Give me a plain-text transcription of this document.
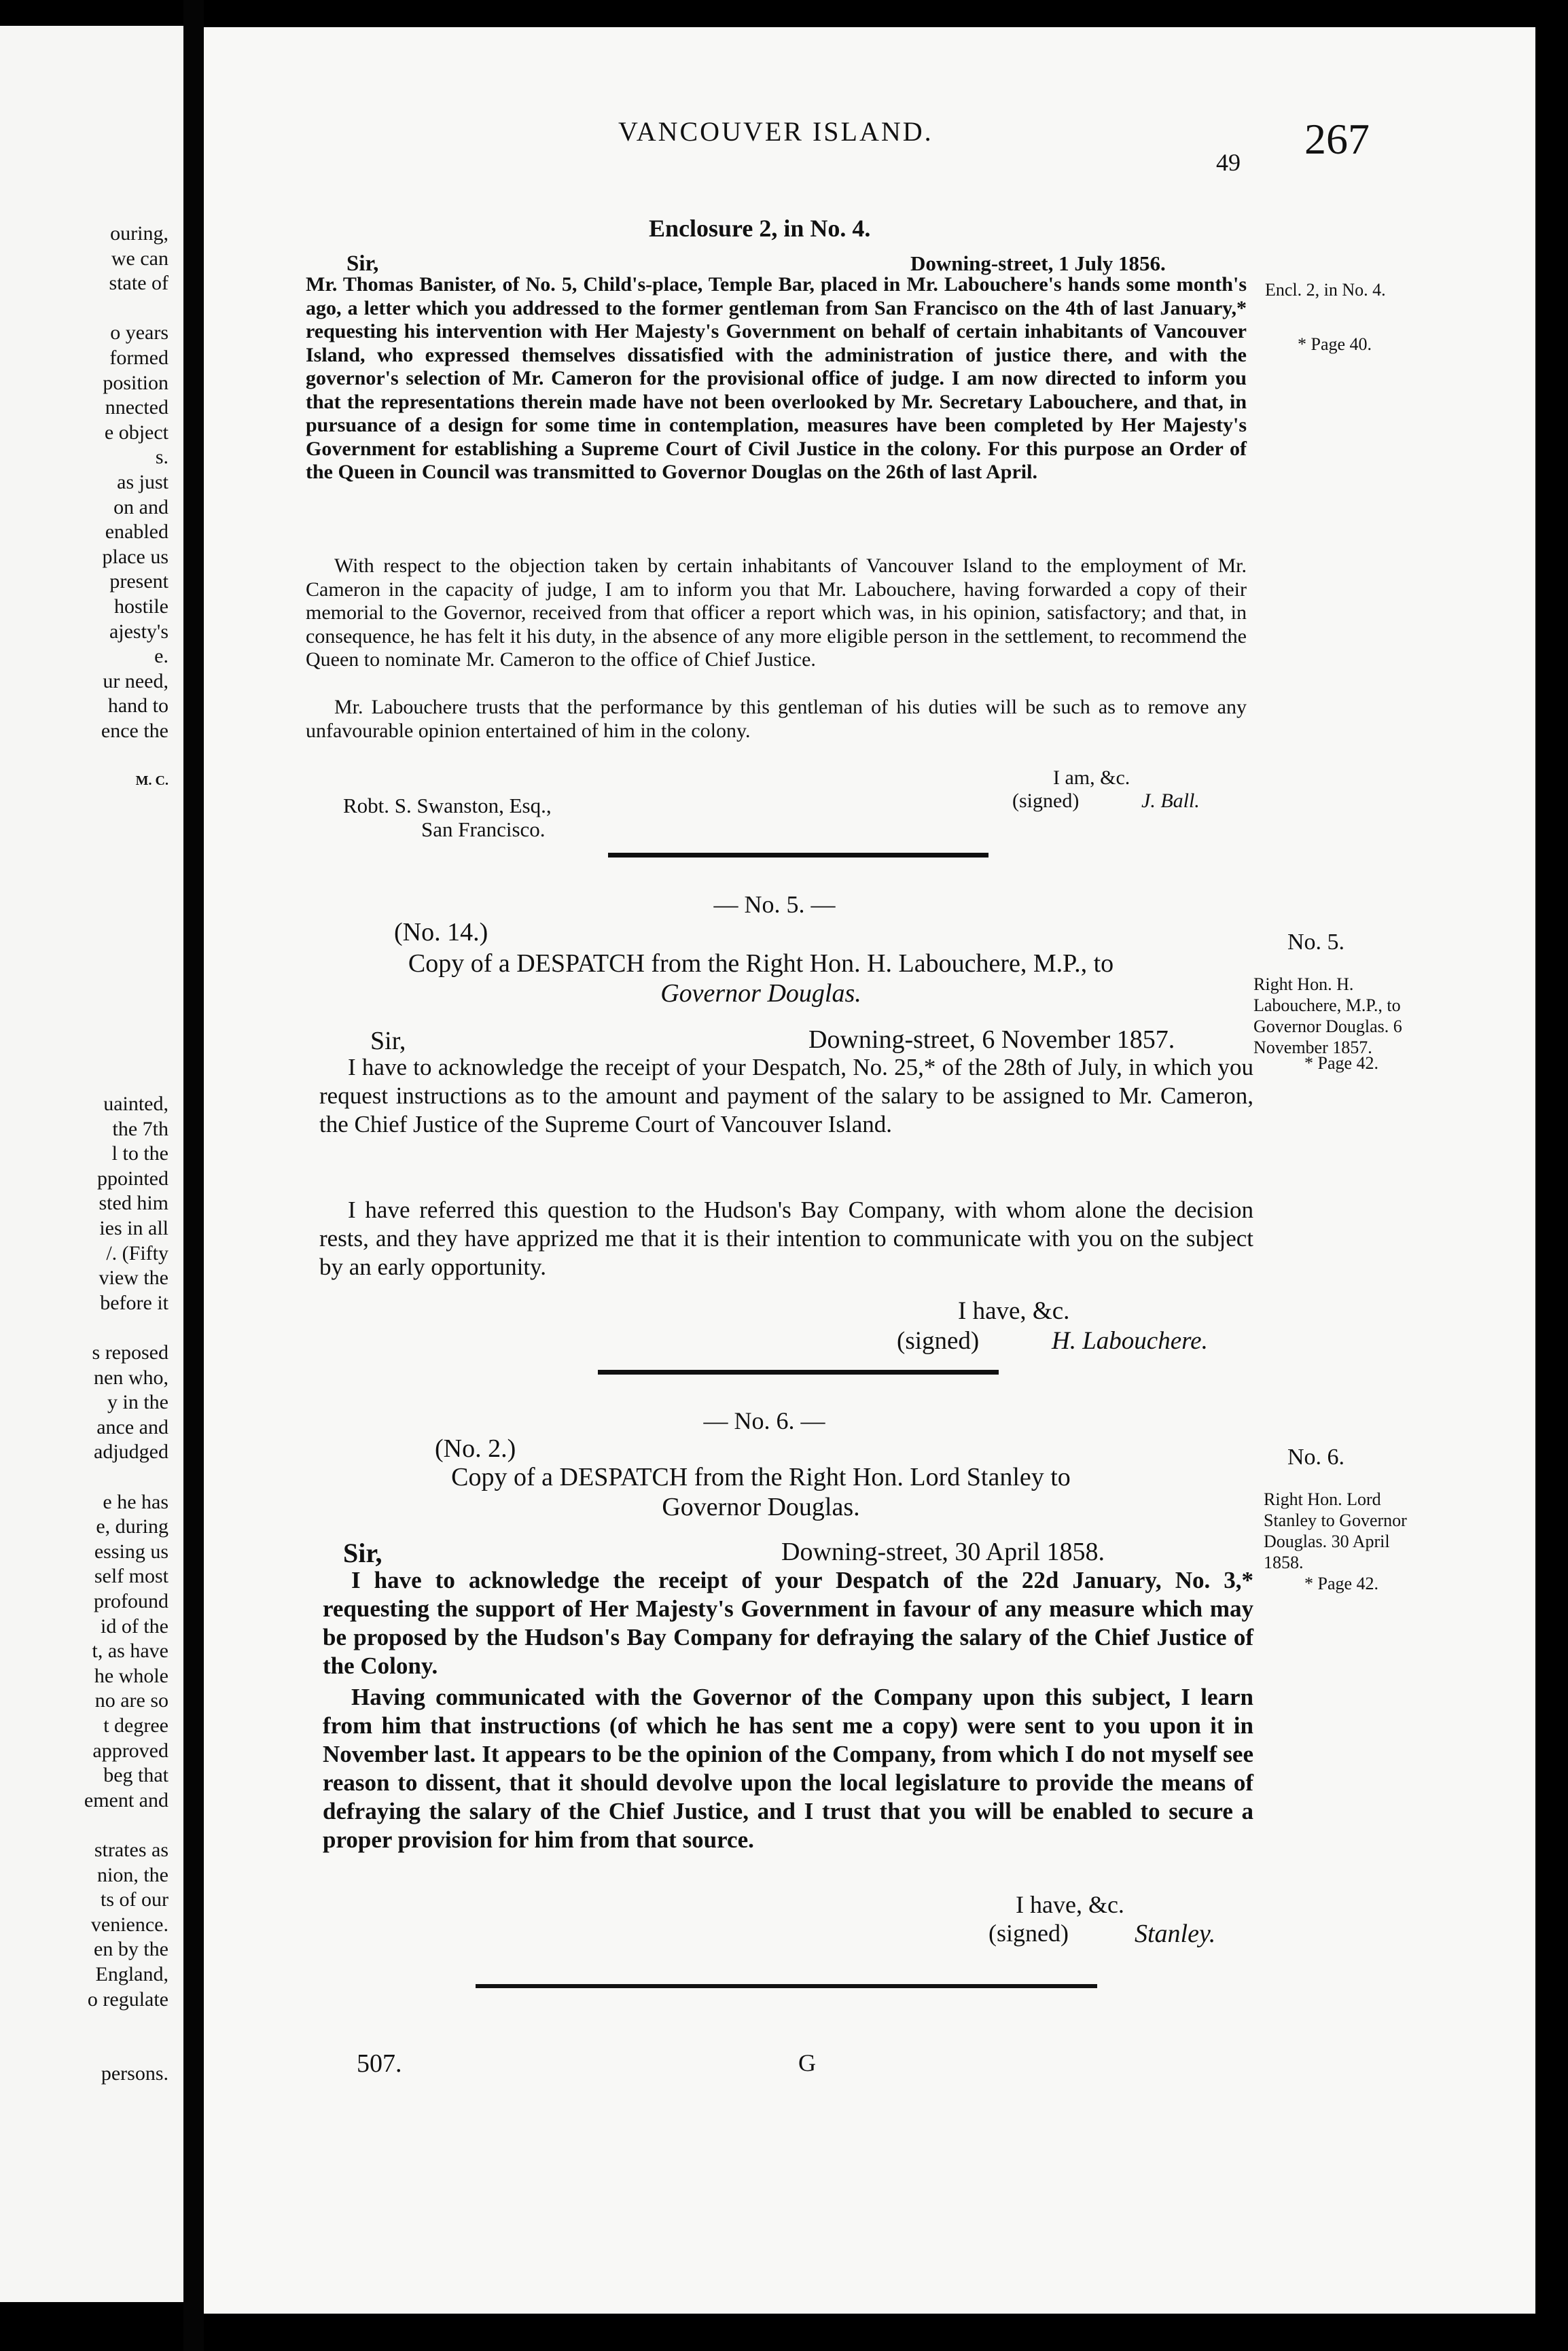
ouring,
we can
state of
o years
formed
position
nnected
e object
s.
as just
on and
enabled
place us
present
hostile
ajesty's
e.
ur need,
hand to
ence the
M. C.
uainted,
the 7th
l to the
ppointed
sted him
ies in all
/. (Fifty
view the
before it
s reposed
nen who,
y in the
ance and
adjudged
e he has
e, during
essing us
self most
profound
id of the
t, as have
he whole
no are so
t degree
approved
beg that
ement and
strates as
nion, the
ts of our
venience.
en by the
England,
o regulate
persons.
VANCOUVER ISLAND.
49 267
Enclosure 2, in No. 4.
Sir,	Downing-street, 1 July 1856.
Mr. Thomas Banister, of No. 5, Child's-place, Temple Bar, placed in Mr. Labouchere's hands some month's ago, a letter which you addressed to the former gentleman from San Francisco on the 4th of last January,* requesting his intervention with Her Majesty's Government on behalf of certain inhabitants of Vancouver Island, who expressed themselves dissatisfied with the administration of justice there, and with the governor's selection of Mr. Cameron for the provisional office of judge. I am now directed to inform you that the representations therein made have not been overlooked by Mr. Secretary Labouchere, and that, in pursuance of a design for some time in contemplation, measures have been completed by Her Majesty's Government for establishing a Supreme Court of Civil Justice in the colony. For this purpose an Order of the Queen in Council was transmitted to Governor Douglas on the 26th of last April.
With respect to the objection taken by certain inhabitants of Vancouver Island to the employment of Mr. Cameron in the capacity of judge, I am to inform you that Mr. Labouchere, having forwarded a copy of their memorial to the Governor, received from that officer a report which was, in his opinion, satisfactory; and that, in consequence, he has felt it his duty, in the absence of any more eligible person in the settlement, to recommend the Queen to nominate Mr. Cameron to the office of Chief Justice.
Mr. Labouchere trusts that the performance by this gentleman of his duties will be such as to remove any unfavourable opinion entertained of him in the colony.
I am, &c.
(signed)	J. Ball.
Robt. S. Swanston, Esq.,
San Francisco.
Encl. 2, in No. 4.
* Page 40.
— No. 5. —
(No. 14.)
Copy of a DESPATCH from the Right Hon. H. Labouchere, M.P., to
Governor Douglas.
Sir,	Downing-street, 6 November 1857.
I have to acknowledge the receipt of your Despatch, No. 25,* of the 28th of July, in which you request instructions as to the amount and payment of the salary to be assigned to Mr. Cameron, the Chief Justice of the Supreme Court of Vancouver Island.
I have referred this question to the Hudson's Bay Company, with whom alone the decision rests, and they have apprized me that it is their intention to communicate with you on the subject by an early opportunity.
I have, &c.
(signed)	H. Labouchere.

No. 5.

Right Hon. H. Labouchere, M.P., to Governor Douglas. 6 November 1857.

* Page 42.
— No. 6. —
(No. 2.)
Copy of a DESPATCH from the Right Hon. Lord Stanley to
Governor Douglas.
Sir,	Downing-street, 30 April 1858.
I have to acknowledge the receipt of your Despatch of the 22d January, No. 3,* requesting the support of Her Majesty's Government in favour of any measure which may be proposed by the Hudson's Bay Company for defraying the salary of the Chief Justice of the Colony.
Having communicated with the Governor of the Company upon this subject, I learn from him that instructions (of which he has sent me a copy) were sent to you upon it in November last. It appears to be the opinion of the Company, from which I do not myself see reason to dissent, that it should devolve upon the local legislature to provide the means of defraying the salary of the Chief Justice, and I trust that you will be enabled to secure a proper provision for him from that source.
I have, &c.
(signed)	Stanley.

No. 6.

Right Hon. Lord Stanley to Governor Douglas. 30 April 1858.

* Page 42.
507.	G
